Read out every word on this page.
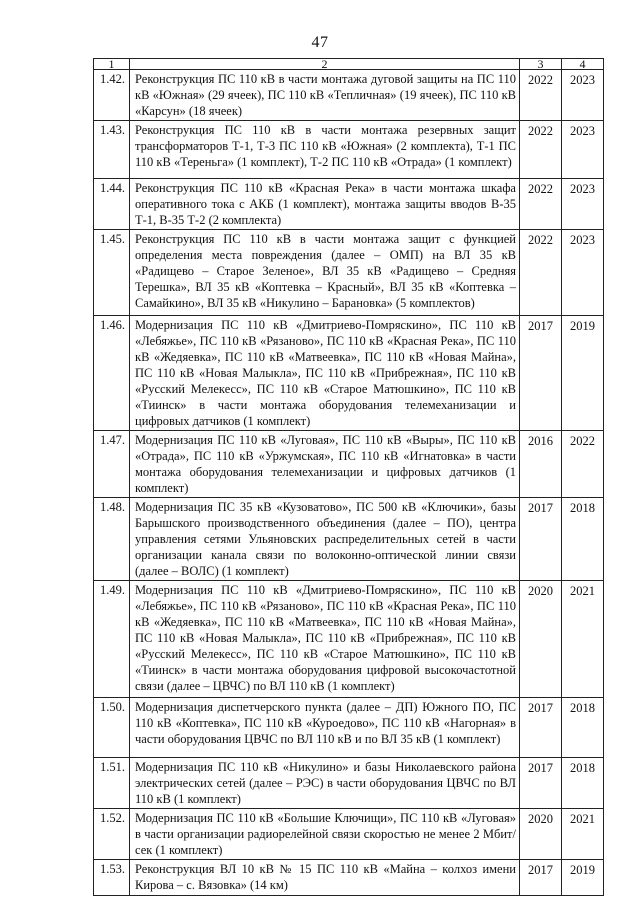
47
1	2	3	4
1.42.	Реконструкция ПС 110 кВ в части монтажа дуговой защиты на ПС 110 кВ «Южная» (29 ячеек), ПС 110 кВ «Тепличная» (19 ячеек), ПС 110 кВ «Карсун» (18 ячеек)	2022	2023
1.43.	Реконструкция ПС 110 кВ в части монтажа резервных защит трансформаторов Т-1, Т-3 ПС 110 кВ «Южная» (2 комплекта), Т-1 ПС 110 кВ «Тереньга» (1 комплект), Т-2 ПС 110 кВ «Отрада» (1 комплект)	2022	2023
1.44.	Реконструкция ПС 110 кВ «Красная Река» в части монтажа шкафа оперативного тока с АКБ (1 комплект), монтажа защиты вводов В-35 Т-1, В-35 Т-2 (2 комплекта)	2022	2023
1.45.	Реконструкция ПС 110 кВ в части монтажа защит с функцией определения места повреждения (далее – ОМП) на ВЛ 35 кВ «Радищево – Старое Зеленое», ВЛ 35 кВ «Радищево – Средняя Терешка», ВЛ 35 кВ «Коптевка – Красный», ВЛ 35 кВ «Коптевка – Самайкино», ВЛ 35 кВ «Никулино – Барановка» (5 комплектов)	2022	2023
1.46.	Модернизация ПС 110 кВ «Дмитриево-Помряскино», ПС 110 кВ «Лебяжье», ПС 110 кВ «Рязаново», ПС 110 кВ «Красная Река», ПС 110 кВ «Жедяевка», ПС 110 кВ «Матвеевка», ПС 110 кВ «Новая Майна», ПС 110 кВ «Новая Малыкла», ПС 110 кВ «Прибрежная», ПС 110 кВ «Русский Мелекесс», ПС 110 кВ «Старое Матюшкино», ПС 110 кВ «Тиинск» в части монтажа оборудования телемеханизации и цифровых датчиков (1 комплект)	2017	2019
1.47.	Модернизация ПС 110 кВ «Луговая», ПС 110 кВ «Выры», ПС 110 кВ «Отрада», ПС 110 кВ «Уржумская», ПС 110 кВ «Игнатовка» в части монтажа оборудования телемеханизации и цифровых датчиков (1 комплект)	2016	2022
1.48.	Модернизация ПС 35 кВ «Кузоватово», ПС 500 кВ «Ключики», базы Барышского производственного объединения (далее – ПО), центра управления сетями Ульяновских распределительных сетей в части организации канала связи по волоконно-оптической линии связи (далее – ВОЛС) (1 комплект)	2017	2018
1.49.	Модернизация ПС 110 кВ «Дмитриево-Помряскино», ПС 110 кВ «Лебяжье», ПС 110 кВ «Рязаново», ПС 110 кВ «Красная Река», ПС 110 кВ «Жедяевка», ПС 110 кВ «Матвеевка», ПС 110 кВ «Новая Майна», ПС 110 кВ «Новая Малыкла», ПС 110 кВ «Прибрежная», ПС 110 кВ «Русский Мелекесс», ПС 110 кВ «Старое Матюшкино», ПС 110 кВ «Тиинск» в части монтажа оборудования цифровой высокочастотной связи (далее – ЦВЧС) по ВЛ 110 кВ (1 комплект)	2020	2021
1.50.	Модернизация диспетчерского пункта (далее – ДП) Южного ПО, ПС 110 кВ «Коптевка», ПС 110 кВ «Куроедово», ПС 110 кВ «Нагорная» в части оборудования ЦВЧС по ВЛ 110 кВ и по ВЛ 35 кВ (1 комплект)	2017	2018
1.51.	Модернизация ПС 110 кВ «Никулино» и базы Николаевского района электрических сетей (далее – РЭС) в части оборудования ЦВЧС по ВЛ 110 кВ (1 комплект)	2017	2018
1.52.	Модернизация ПС 110 кВ «Большие Ключищи», ПС 110 кВ «Луговая» в части организации радиорелейной связи скоростью не менее 2 Мбит/сек (1 комплект)	2020	2021
1.53.	Реконструкция ВЛ 10 кВ № 15 ПС 110 кВ «Майна – колхоз имени Кирова – с. Вязовка» (14 км)	2017	2019
